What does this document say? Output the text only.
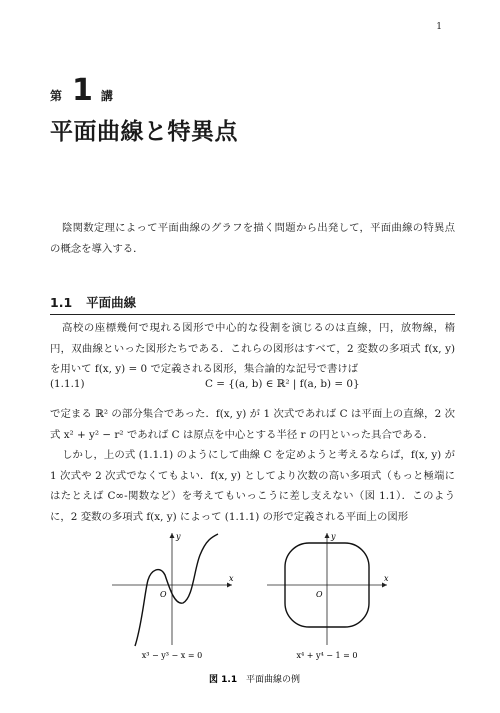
1
第 1 講
平面曲線と特異点
陰関数定理によって平面曲線のグラフを描く問題から出発して，平面曲線の特異点の概念を導入する．
1.1 平面曲線
高校の座標幾何で現れる図形で中心的な役割を演じるのは直線，円，放物線，楕円，双曲線といった図形たちである．これらの図形はすべて，2 変数の多項式 f(x, y) を用いて f(x, y) = 0 で定義される図形，集合論的な記号で書けば
(1.1.1)	C = {(a, b) ∈ ℝ² | f(a, b) = 0}
で定まる ℝ² の部分集合であった．f(x, y) が 1 次式であれば C は平面上の直線，2 次式 x² + y² − r² であれば C は原点を中心とする半径 r の円といった具合である．
しかし，上の式 (1.1.1) のようにして曲線 C を定めようと考えるならば，f(x, y) が 1 次式や 2 次式でなくてもよい．f(x, y) としてより次数の高い多項式（もっと極端にはたとえば C∞-関数など）を考えてもいっこうに差し支えない（図 1.1）．このように，2 変数の多項式 f(x, y) によって (1.1.1) の形で定義される平面上の図形
x
y
O
x³ − y³ − x = 0
x
y
O
x⁴ + y⁴ − 1 = 0
図 1.1 平面曲線の例
